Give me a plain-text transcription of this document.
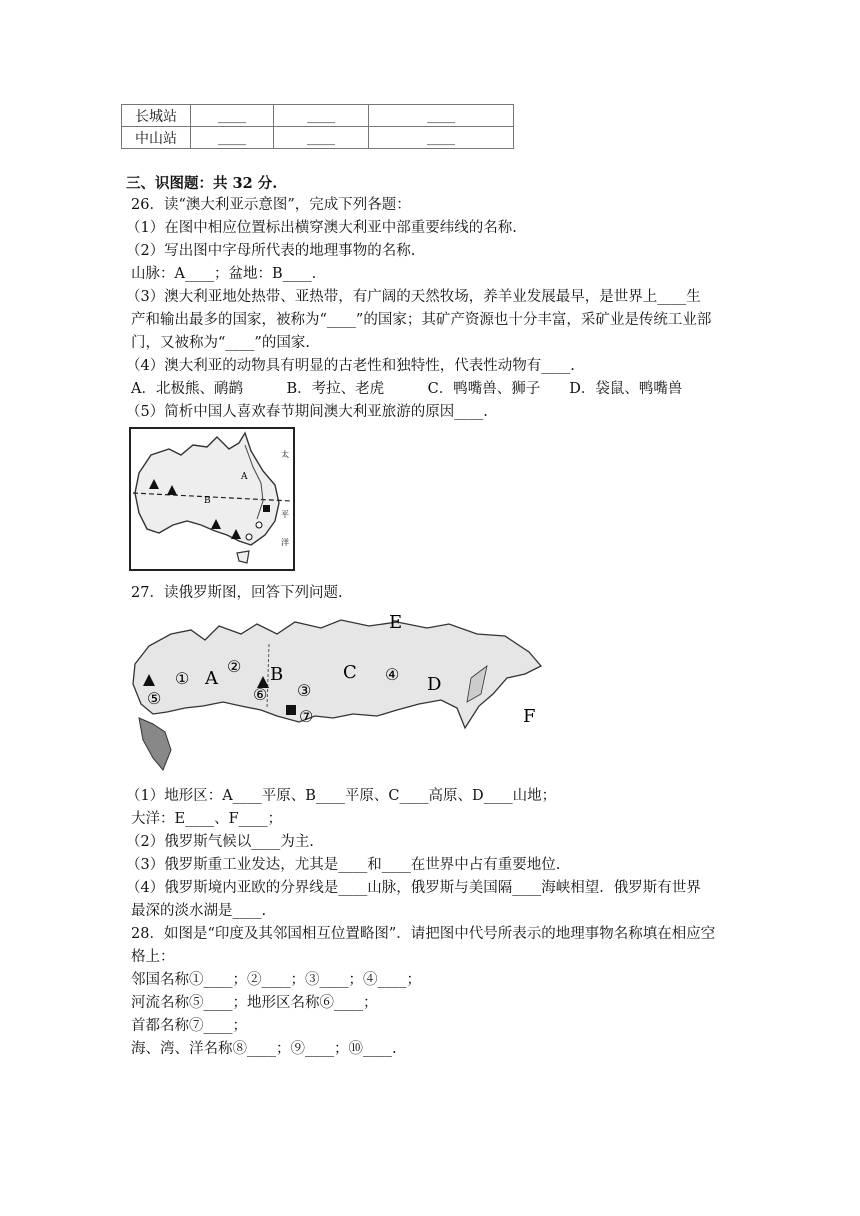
长城站	____	____	____
中山站	____	____	____
三、识图题：共 32 分.
26．读“澳大利亚示意图”，完成下列各题：
（1）在图中相应位置标出横穿澳大利亚中部重要纬线的名称.
（2）写出图中字母所代表的地理事物的名称.
山脉：A____；盆地：B____.
（3）澳大利亚地处热带、亚热带，有广阔的天然牧场，养羊业发展最早，是世界上____生
产和输出最多的国家，被称为“____”的国家；其矿产资源也十分丰富，采矿业是传统工业部
门，又被称为“____”的国家.
（4）澳大利亚的动物具有明显的古老性和独特性，代表性动物有____.
A．北极熊、鸸鹋　　　B．考拉、老虎　　　C．鸭嘴兽、狮子　　D．袋鼠、鸭嘴兽
（5）简析中国人喜欢春节期间澳大利亚旅游的原因____.
A
B
太
平
洋
27．读俄罗斯图，回答下列问题.
A	B	C
D
E
F
①
②
③
④
⑤	⑥
⑦
（1）地形区：A____平原、B____平原、C____高原、D____山地；
大洋：E____、F____；
（2）俄罗斯气候以____为主.
（3）俄罗斯重工业发达，尤其是____和____在世界中占有重要地位.
（4）俄罗斯境内亚欧的分界线是____山脉，俄罗斯与美国隔____海峡相望．俄罗斯有世界
最深的淡水湖是____.
28．如图是“印度及其邻国相互位置略图”．请把图中代号所表示的地理事物名称填在相应空
格上：
邻国名称①____；②____；③____；④____；
河流名称⑤____；地形区名称⑥____；
首都名称⑦____；
海、湾、洋名称⑧____；⑨____；⑩____.
